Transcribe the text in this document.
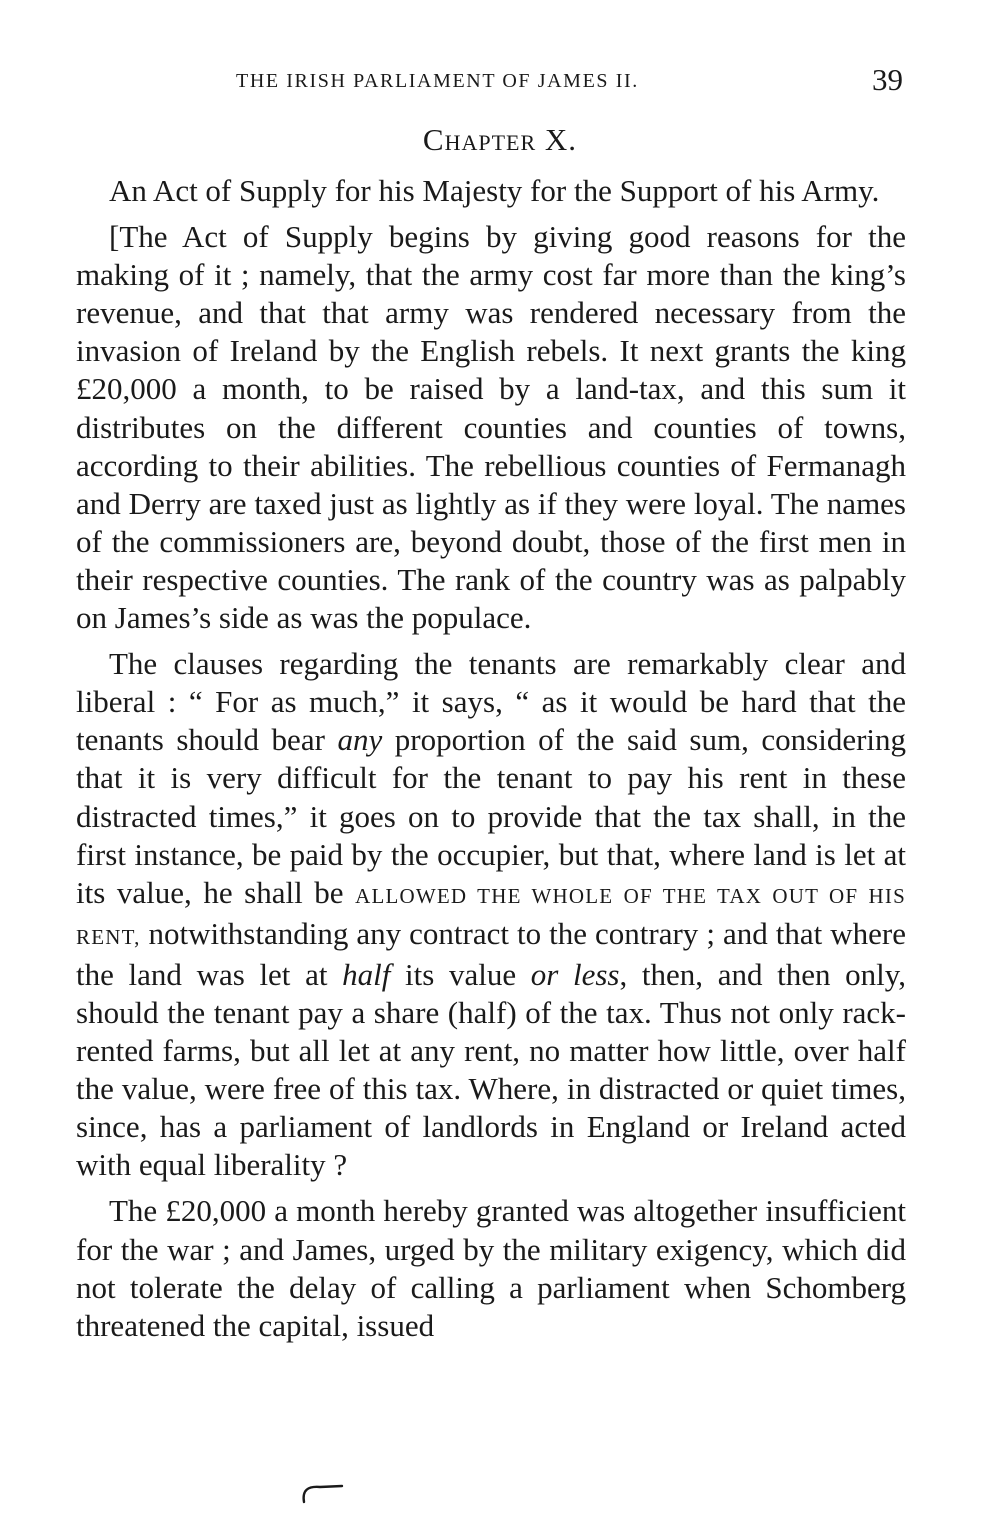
THE IRISH PARLIAMENT OF JAMES II.	39
Chapter X.

An Act of Supply for his Majesty for the Support of his Army.

[The Act of Supply begins by giving good reasons for the making of it ; namely, that the army cost far more than the king’s revenue, and that that army was rendered necessary from the invasion of Ireland by the English rebels. It next grants the king £20,000 a month, to be raised by a land-tax, and this sum it distributes on the different counties and counties of towns, according to their abilities. The rebellious counties of Fermanagh and Derry are taxed just as lightly as if they were loyal. The names of the commissioners are, beyond doubt, those of the first men in their respective counties. The rank of the country was as palpably on James’s side as was the populace.

The clauses regarding the tenants are remarkably clear and liberal : “ For as much,” it says, “ as it would be hard that the tenants should bear any proportion of the said sum, considering that it is very difficult for the tenant to pay his rent in these distracted times,” it goes on to provide that the tax shall, in the first instance, be paid by the occupier, but that, where land is let at its value, he shall be ALLOWED THE WHOLE OF THE TAX OUT OF HIS RENT, notwithstanding any contract to the contrary ; and that where the land was let at half its value or less, then, and then only, should the tenant pay a share (half) of the tax. Thus not only rack-rented farms, but all let at any rent, no matter how little, over half the value, were free of this tax. Where, in distracted or quiet times, since, has a parliament of landlords in England or Ireland acted with equal liberality ?

The £20,000 a month hereby granted was altogether insufficient for the war ; and James, urged by the military exigency, which did not tolerate the delay of calling a parliament when Schomberg threatened the capital, issued
